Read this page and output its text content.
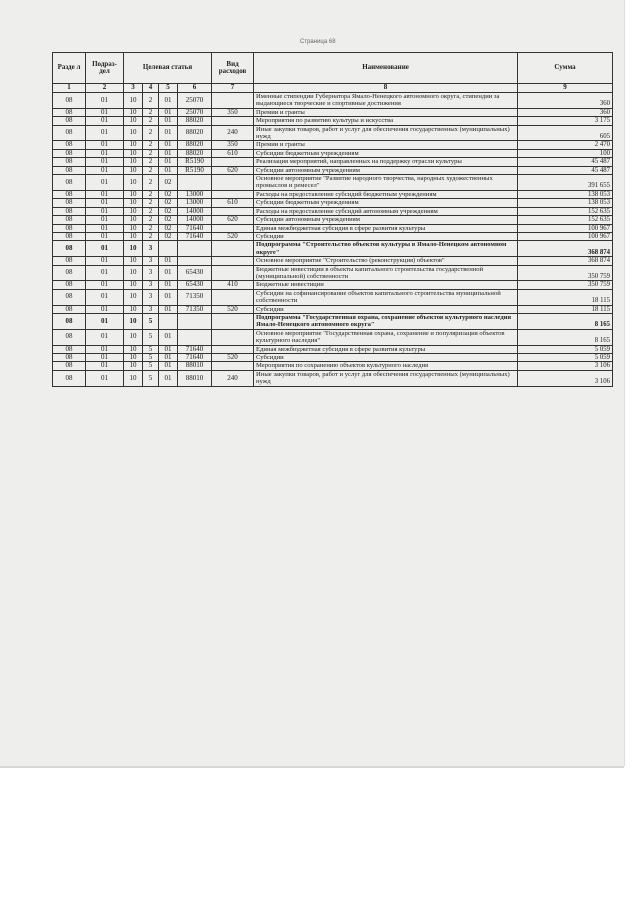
Страница 68
Разде л	Подраз- дел	Целевая статья				Вид расходов	Наименование	Сумма
1	2	3	4	5	6	7	8	9
08	01	10	2	01	25070		Именные стипендии Губернатора Ямало-Ненецкого автономного округа, стипендии за выдающиеся творческие и спортивные достижения	360
08	01	10	2	01	25070	350	Премии и гранты	360
08	01	10	2	01	88020		Мероприятия по развитию культуры и искусства	3 175
08	01	10	2	01	88020	240	Иные закупки товаров, работ и услуг для обеспечения государственных (муниципальных) нужд	605
08	01	10	2	01	88020	350	Премии и гранты	2 470
08	01	10	2	01	88020	610	Субсидии бюджетным учреждениям	100
08	01	10	2	01	R5190		Реализация мероприятий, направленных на поддержку отрасли культуры	45 487
08	01	10	2	01	R5190	620	Субсидии автономным учреждениям	45 487
08	01	10	2	02			Основное мероприятие "Развитие народного творчества, народных художественных промыслов и ремесел"	391 655
08	01	10	2	02	13000		Расходы на предоставление субсидий бюджетным учреждениям	138 053
08	01	10	2	02	13000	610	Субсидии бюджетным учреждениям	138 053
08	01	10	2	02	14000		Расходы на предоставление субсидий автономным учреждениям	152 635
08	01	10	2	02	14000	620	Субсидии автономным учреждениям	152 635
08	01	10	2	02	71640		Единая межбюджетная субсидия в сфере развития культуры	100 967
08	01	10	2	02	71640	520	Субсидии	100 967
08	01	10	3				Подпрограмма "Строительство объектов культуры в Ямало-Ненецком автономном округе"	368 874
08	01	10	3	01			Основное мероприятие "Строительство (реконструкция) объектов"	368 874
08	01	10	3	01	65430		Бюджетные инвестиции в объекты капитального строительства государственной (муниципальной) собственности	350 759
08	01	10	3	01	65430	410	Бюджетные инвестиции	350 759
08	01	10	3	01	71350		Субсидии на софинансирование объектов капитального строительства муниципальной собственности	18 115
08	01	10	3	01	71350	520	Субсидии	18 115
08	01	10	5				Подпрограмма "Государственная охрана, сохранение объектов культурного наследия Ямало-Ненецкого автономного округа"	8 165
08	01	10	5	01			Основное мероприятие "Государственная охрана, сохранение и популяризация объектов культурного наследия"	8 165
08	01	10	5	01	71640		Единая межбюджетная субсидия в сфере развития культуры	5 059
08	01	10	5	01	71640	520	Субсидии	5 059
08	01	10	5	01	88010		Мероприятия по сохранению объектов культурного наследия	3 106
08	01	10	5	01	88010	240	Иные закупки товаров, работ и услуг для обеспечения государственных (муниципальных) нужд	3 106
